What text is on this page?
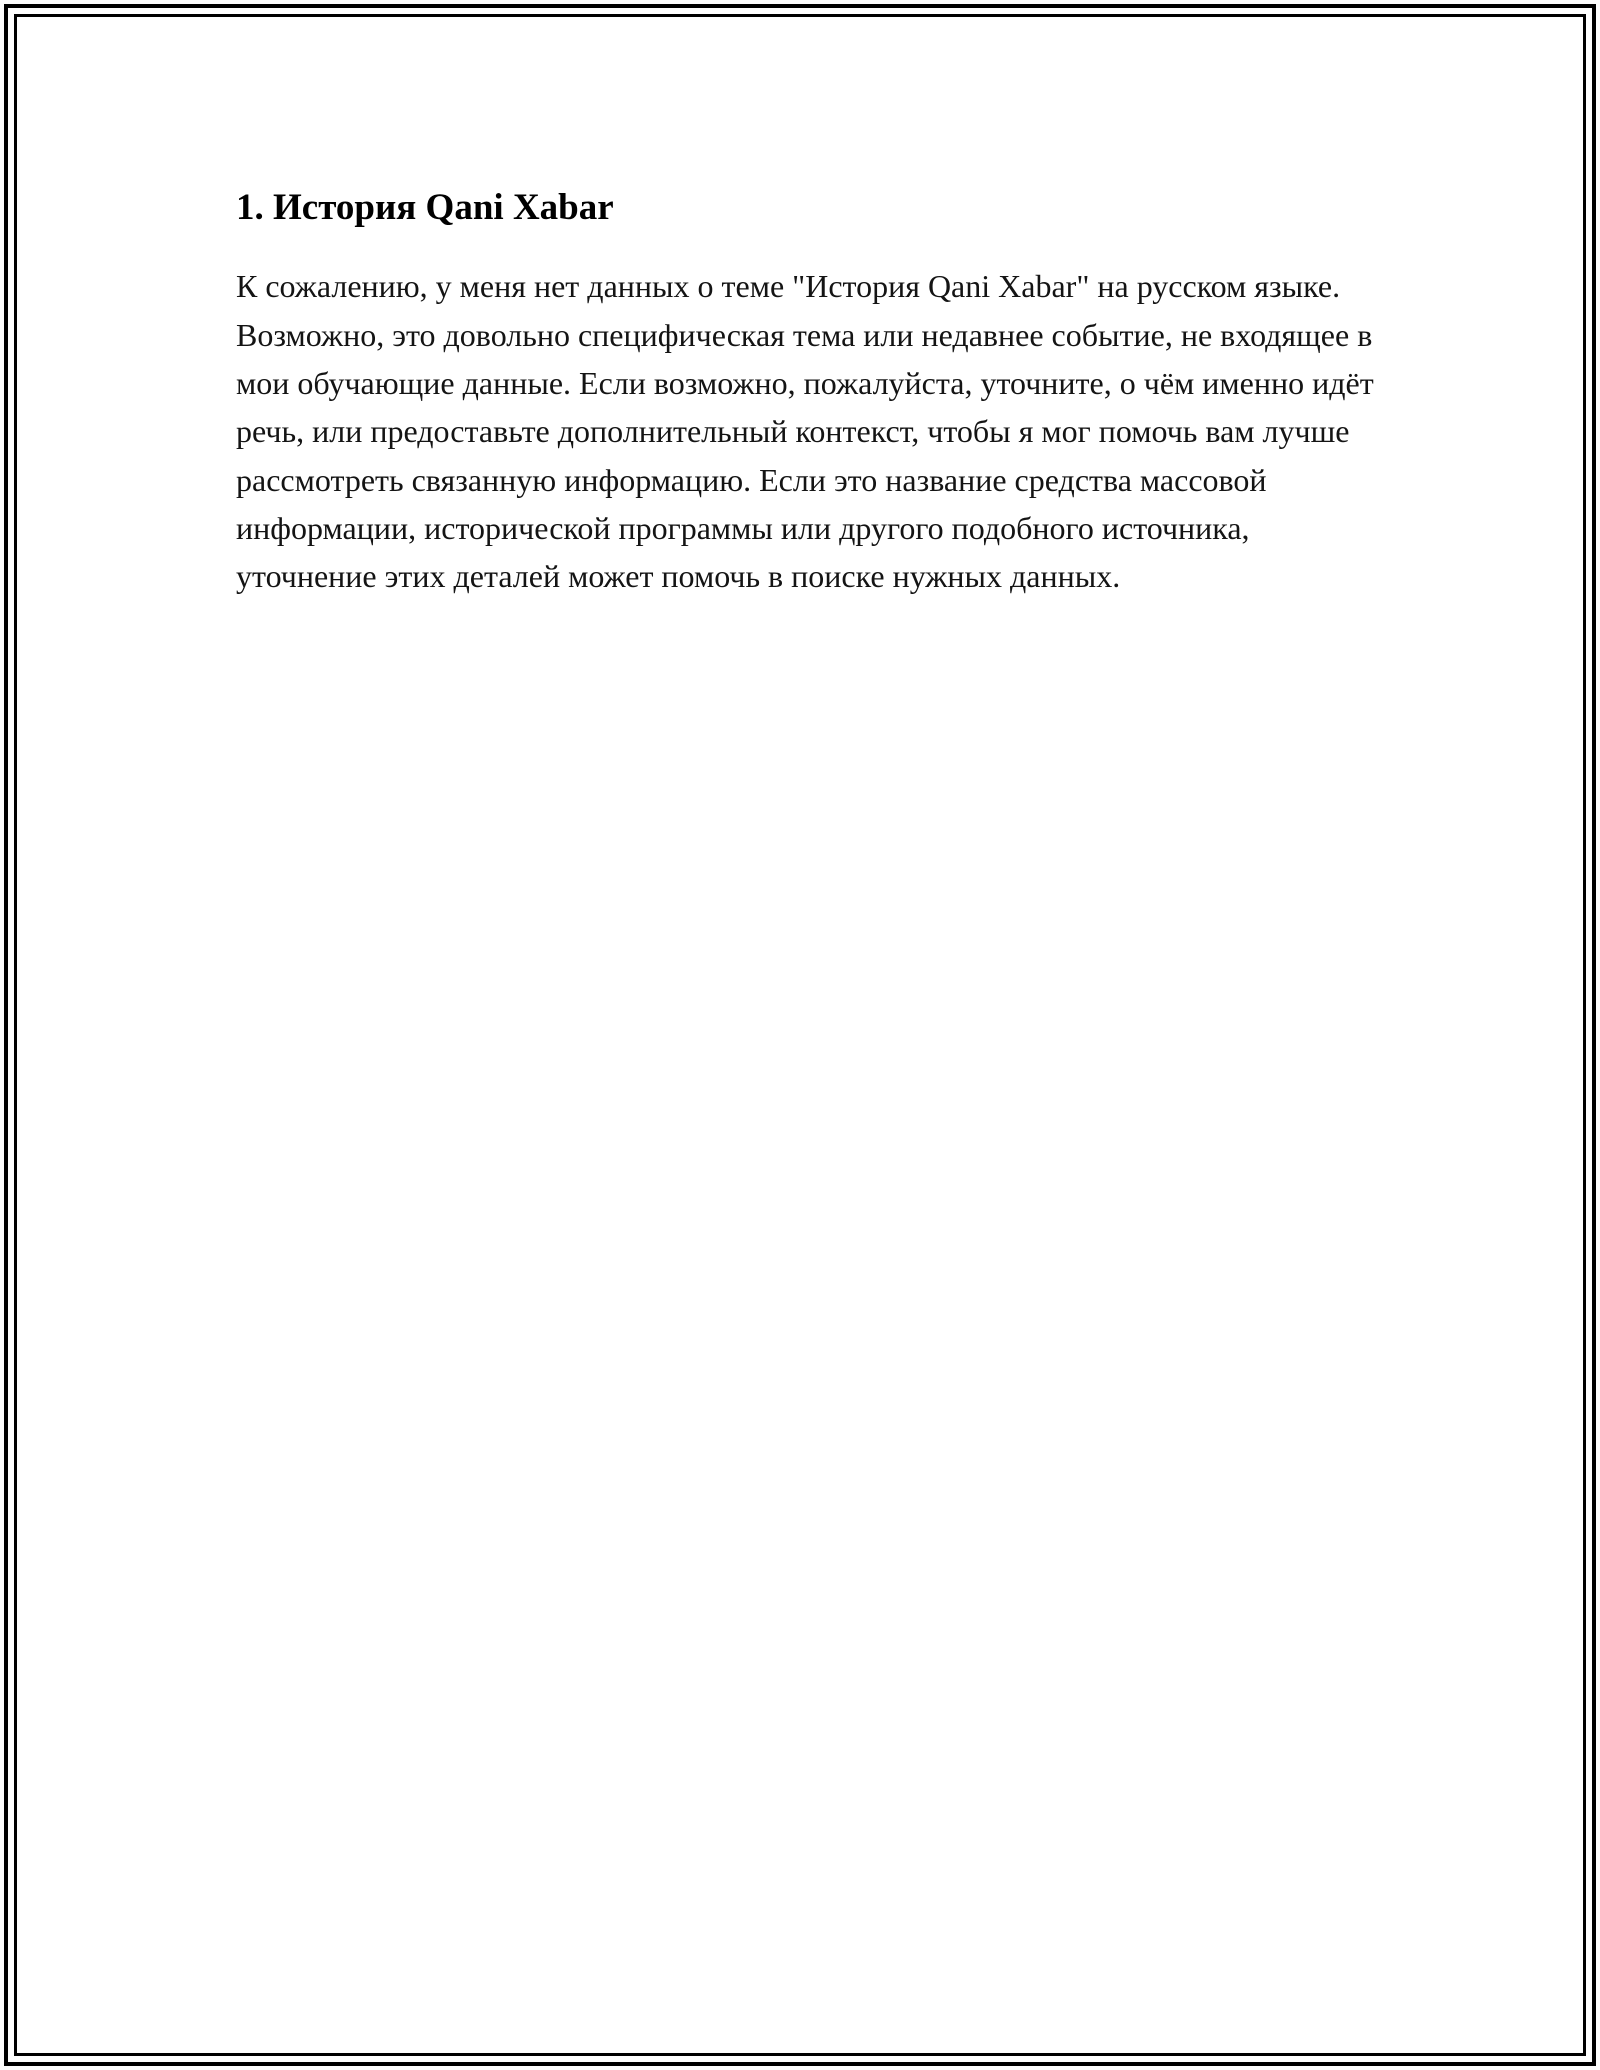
1. История Qani Xabar

К сожалению, у меня нет данных о теме "История Qani Xabar" на русском языке. Возможно, это довольно специфическая тема или недавнее событие, не входящее в мои обучающие данные. Если возможно, пожалуйста, уточните, о чём именно идёт речь, или предоставьте дополнительный контекст, чтобы я мог помочь вам лучше рассмотреть связанную информацию. Если это название средства массовой информации, исторической программы или другого подобного источника, уточнение этих деталей может помочь в поиске нужных данных.
